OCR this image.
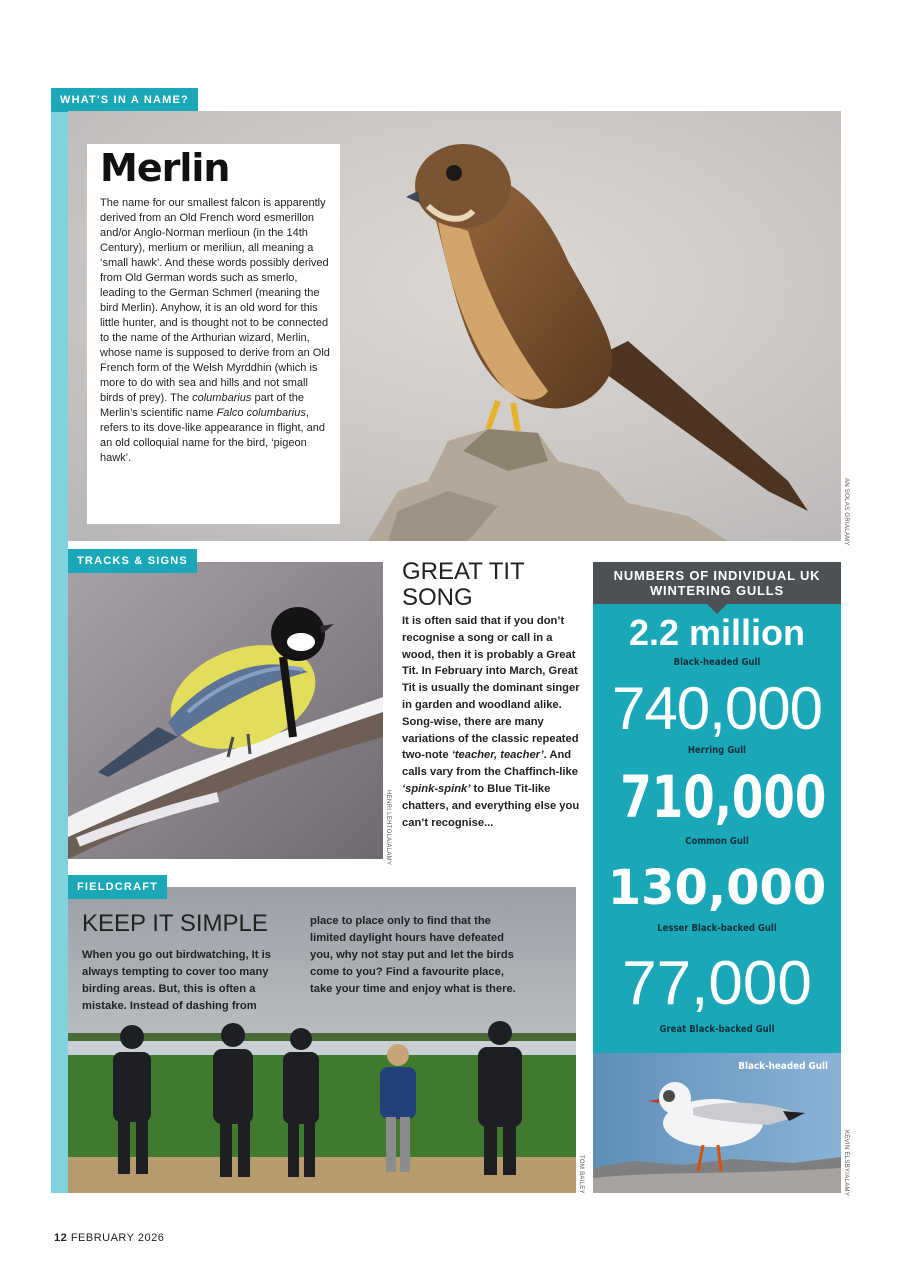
WHAT'S IN A NAME?
AN SOLAS GRIALAMY
Merlin
The name for our smallest falcon is apparently derived from an Old French word esmerillon and/or Anglo-Norman merlioun (in the 14th Century), merlium or meriliun, all meaning a ‘small hawk’. And these words possibly derived from Old German words such as smerlo, leading to the German Schmerl (meaning the bird Merlin). Anyhow, it is an old word for this little hunter, and is thought not to be connected to the name of the Arthurian wizard, Merlin, whose name is supposed to derive from an Old French form of the Welsh Myrddhin (which is more to do with sea and hills and not small birds of prey). The columbarius part of the Merlin’s scientific name Falco columbarius, refers to its dove-like appearance in flight, and an old colloquial name for the bird, ‘pigeon hawk’.
TRACKS & SIGNS
HENRI LEHTOLA/ALAMY
GREAT TIT SONG
It is often said that if you don’t recognise a song or call in a wood, then it is probably a Great Tit. In February into March, Great Tit is usually the dominant singer in garden and woodland alike. Song-wise, there are many variations of the classic repeated two-note ‘teacher, teacher’. And calls vary from the Chaffinch-like ‘spink-spink’ to Blue Tit-like chatters, and everything else you can’t recognise...
FIELDCRAFT
TOM BAILEY
KEEP IT SIMPLE
When you go out birdwatching, It is always tempting to cover too many birding areas. But, this is often a mistake. Instead of dashing from
place to place only to find that the limited daylight hours have defeated you, why not stay put and let the birds come to you? Find a favourite place, take your time and enjoy what is there.
NUMBERS OF INDIVIDUAL UK WINTERING GULLS
2.2 million
Black-headed Gull
740,000
Herring Gull
710,000
Common Gull
130,000
Lesser Black-backed Gull
77,000
Great Black-backed Gull
Black-headed Gull
KEVIN ELSBY/ALAMY
12 FEBRUARY 2026
